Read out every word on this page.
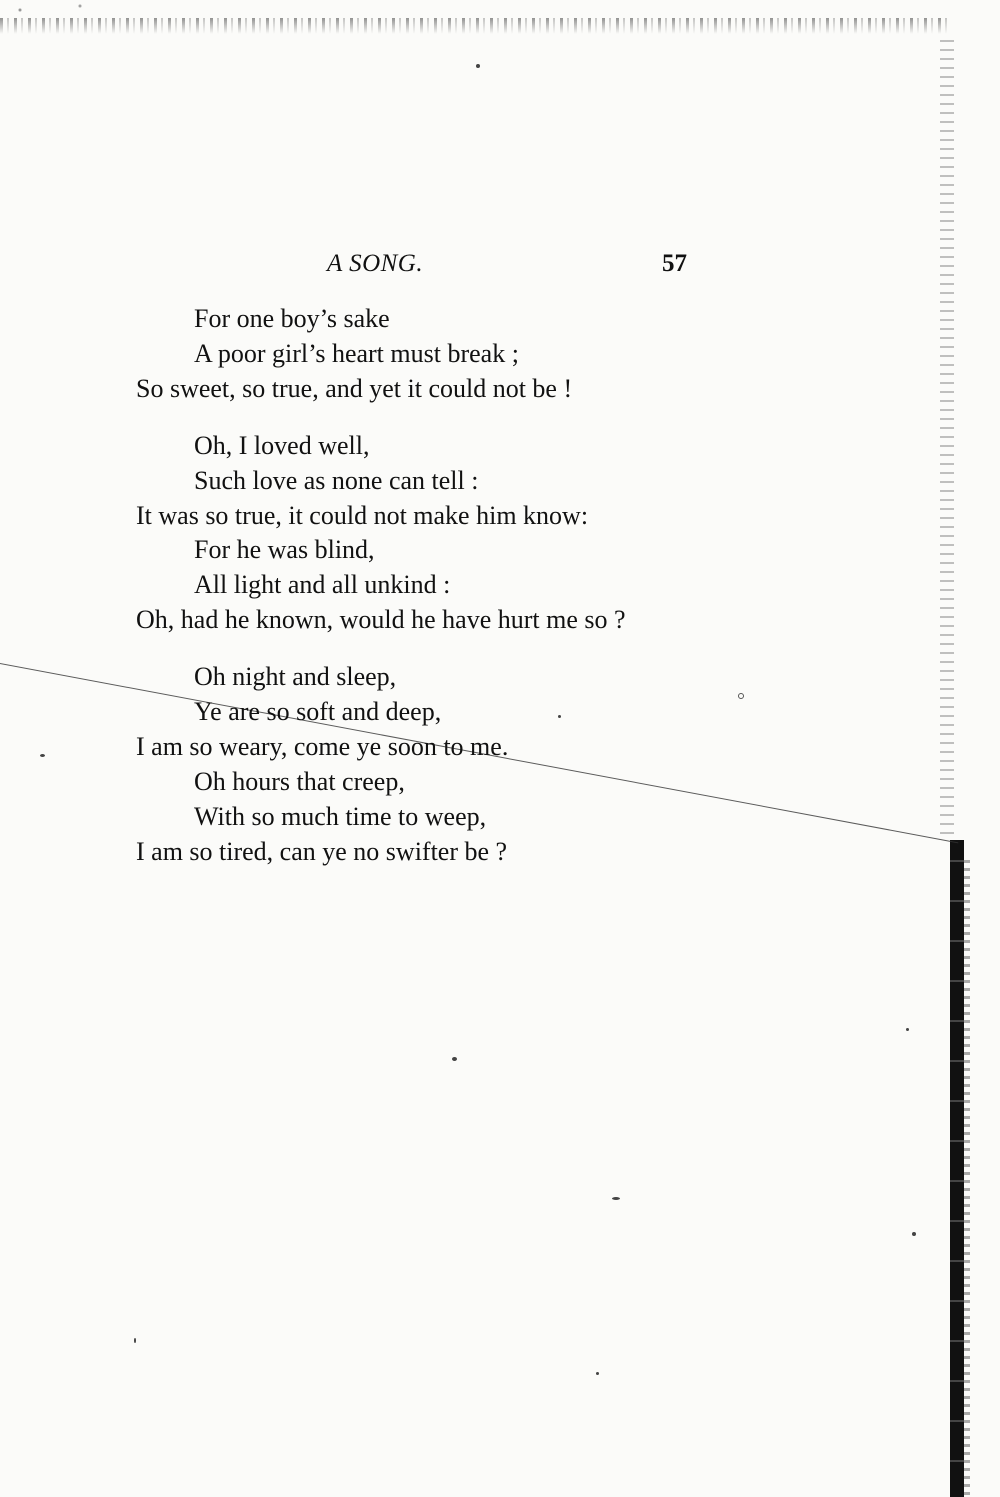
A SONG.	57
For one boy’s sake
A poor girl’s heart must break ;
So sweet, so true, and yet it could not be !
Oh, I loved well,
Such love as none can tell :
It was so true, it could not make him know:
For he was blind,
All light and all unkind :
Oh, had he known, would he have hurt me so ?
Oh night and sleep,
Ye are so soft and deep,
I am so weary, come ye soon to me.
Oh hours that creep,
With so much time to weep,
I am so tired, can ye no swifter be ?
